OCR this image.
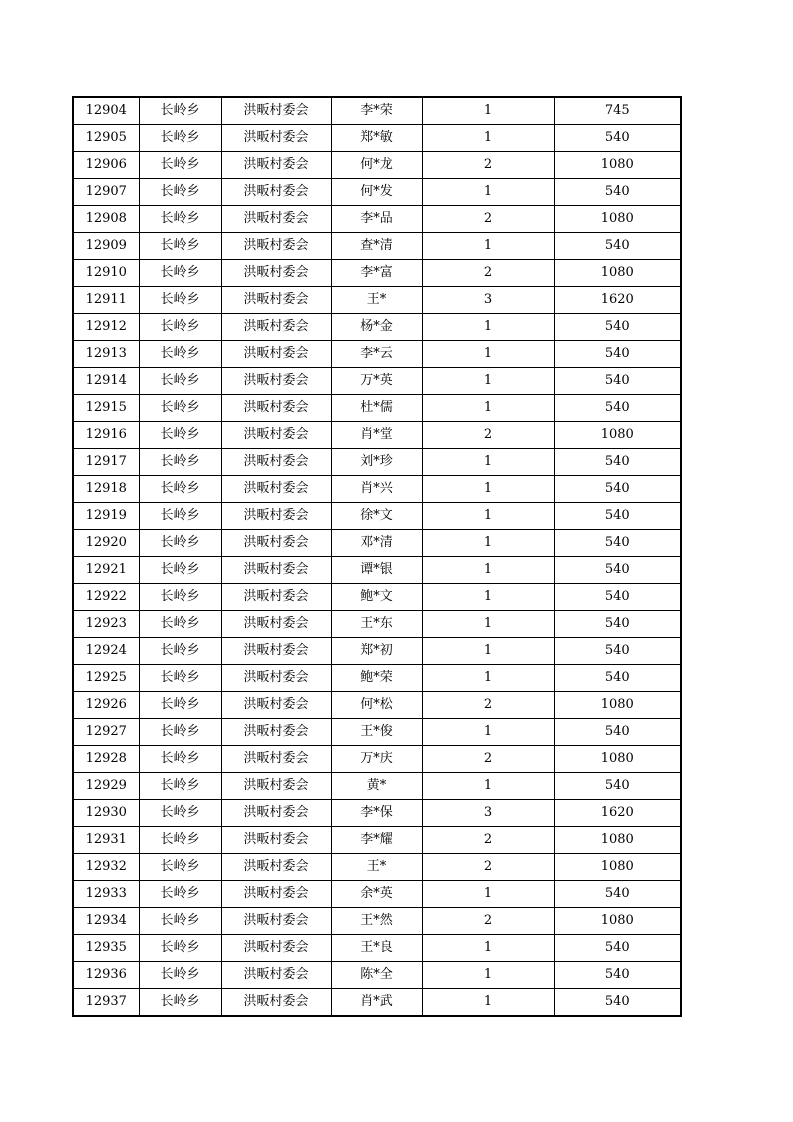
12904	长岭乡	洪畈村委会	李*荣	1	745
12905	长岭乡	洪畈村委会	郑*敏	1	540
12906	长岭乡	洪畈村委会	何*龙	2	1080
12907	长岭乡	洪畈村委会	何*发	1	540
12908	长岭乡	洪畈村委会	李*品	2	1080
12909	长岭乡	洪畈村委会	查*清	1	540
12910	长岭乡	洪畈村委会	李*富	2	1080
12911	长岭乡	洪畈村委会	王*	3	1620
12912	长岭乡	洪畈村委会	杨*金	1	540
12913	长岭乡	洪畈村委会	李*云	1	540
12914	长岭乡	洪畈村委会	万*英	1	540
12915	长岭乡	洪畈村委会	杜*儒	1	540
12916	长岭乡	洪畈村委会	肖*堂	2	1080
12917	长岭乡	洪畈村委会	刘*珍	1	540
12918	长岭乡	洪畈村委会	肖*兴	1	540
12919	长岭乡	洪畈村委会	徐*文	1	540
12920	长岭乡	洪畈村委会	邓*清	1	540
12921	长岭乡	洪畈村委会	谭*银	1	540
12922	长岭乡	洪畈村委会	鲍*文	1	540
12923	长岭乡	洪畈村委会	王*东	1	540
12924	长岭乡	洪畈村委会	郑*初	1	540
12925	长岭乡	洪畈村委会	鲍*荣	1	540
12926	长岭乡	洪畈村委会	何*松	2	1080
12927	长岭乡	洪畈村委会	王*俊	1	540
12928	长岭乡	洪畈村委会	万*庆	2	1080
12929	长岭乡	洪畈村委会	黄*	1	540
12930	长岭乡	洪畈村委会	李*保	3	1620
12931	长岭乡	洪畈村委会	李*耀	2	1080
12932	长岭乡	洪畈村委会	王*	2	1080
12933	长岭乡	洪畈村委会	余*英	1	540
12934	长岭乡	洪畈村委会	王*然	2	1080
12935	长岭乡	洪畈村委会	王*良	1	540
12936	长岭乡	洪畈村委会	陈*全	1	540
12937	长岭乡	洪畈村委会	肖*武	1	540
